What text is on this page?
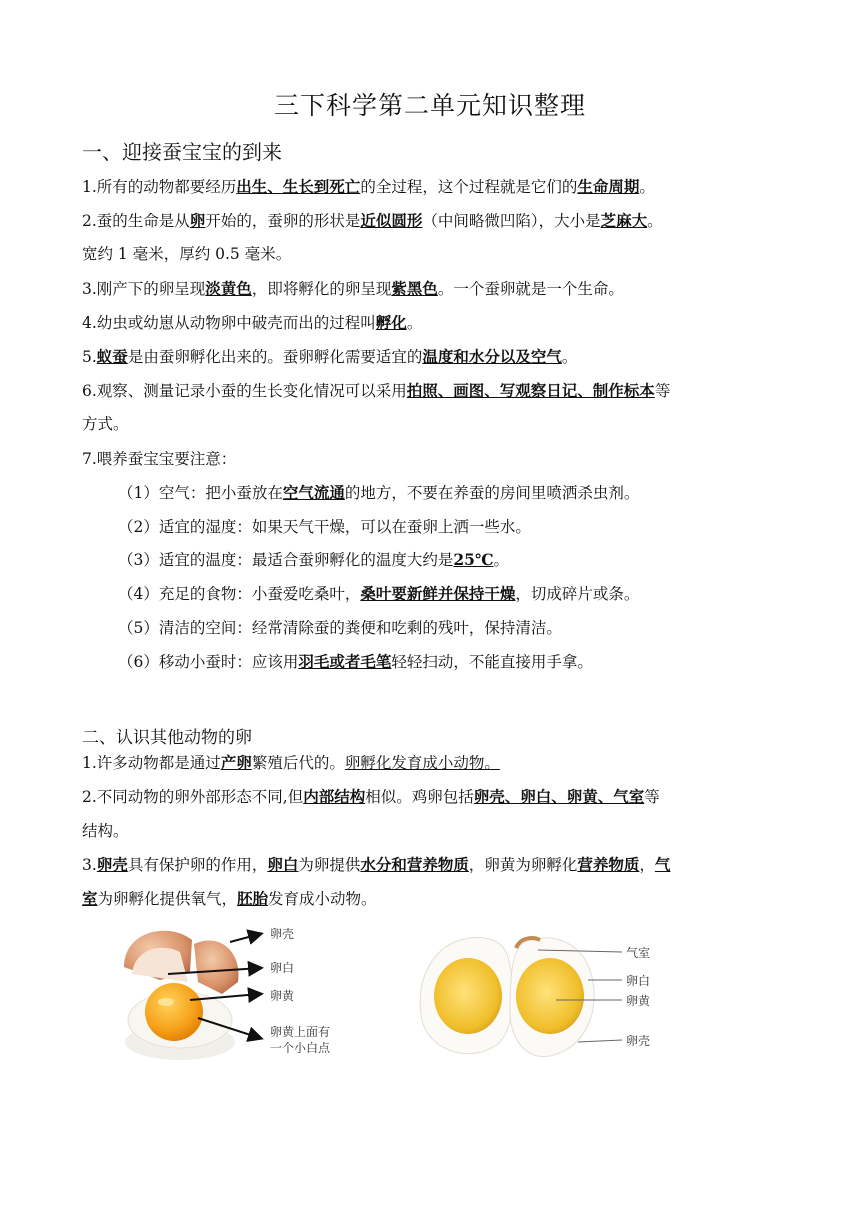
三下科学第二单元知识整理
一、迎接蚕宝宝的到来
1.所有的动物都要经历出生、生长到死亡的全过程，这个过程就是它们的生命周期。
2.蚕的生命是从卵开始的，蚕卵的形状是近似圆形（中间略微凹陷），大小是芝麻大。
宽约 1 毫米，厚约 0.5 毫米。
3.刚产下的卵呈现淡黄色，即将孵化的卵呈现紫黑色。一个蚕卵就是一个生命。
4.幼虫或幼崽从动物卵中破壳而出的过程叫孵化。
5.蚁蚕是由蚕卵孵化出来的。蚕卵孵化需要适宜的温度和水分以及空气。
6.观察、测量记录小蚕的生长变化情况可以采用拍照、画图、写观察日记、制作标本等
方式。
7.喂养蚕宝宝要注意：
（1）空气：把小蚕放在空气流通的地方，不要在养蚕的房间里喷洒杀虫剂。
（2）适宜的湿度：如果天气干燥，可以在蚕卵上洒一些水。
（3）适宜的温度：最适合蚕卵孵化的温度大约是25℃。
（4）充足的食物：小蚕爱吃桑叶，桑叶要新鲜并保持干燥，切成碎片或条。
（5）清洁的空间：经常清除蚕的粪便和吃剩的残叶，保持清洁。
（6）移动小蚕时：应该用羽毛或者毛笔轻轻扫动，不能直接用手拿。
二、认识其他动物的卵
1.许多动物都是通过产卵繁殖后代的。卵孵化发育成小动物。
2.不同动物的卵外部形态不同,但内部结构相似。鸡卵包括卵壳、卵白、卵黄、气室等
结构。
3.卵壳具有保护卵的作用，卵白为卵提供水分和营养物质，卵黄为卵孵化营养物质，气
室为卵孵化提供氧气，胚胎发育成小动物。
卵壳
卵白
卵黄
卵黄上面有
一个小白点
气室
卵白
卵黄
卵壳
